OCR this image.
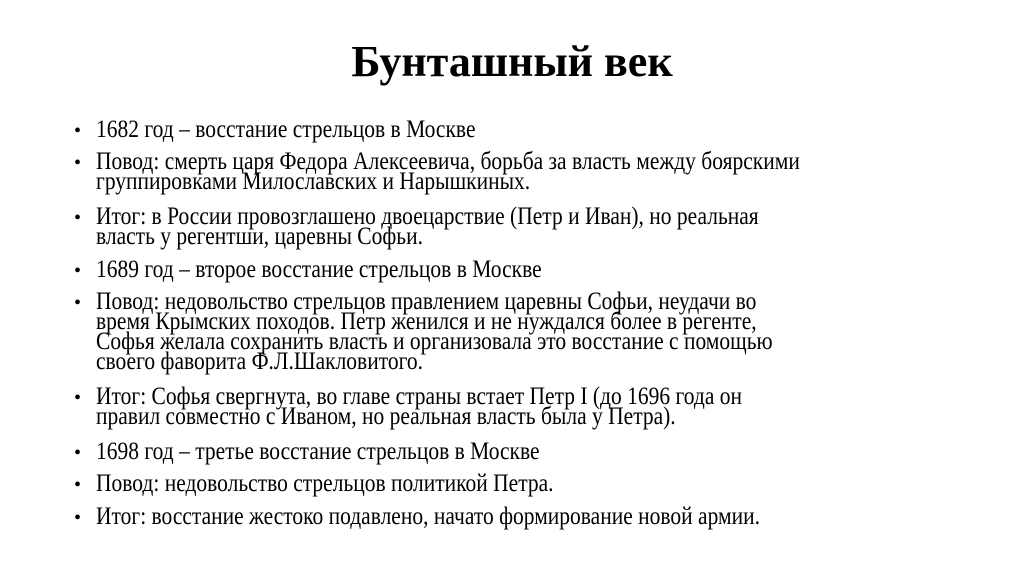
Бунташный век
• 1682 год – восстание стрельцов в Москве
• Повод: смерть царя Федора Алексеевича, борьба за власть между боярскими
группировками Милославских и Нарышкиных.
• Итог: в России провозглашено двоецарствие (Петр и Иван), но реальная
власть у регентши, царевны Софьи.
• 1689 год – второе восстание стрельцов в Москве
• Повод: недовольство стрельцов правлением царевны Софьи, неудачи во
время Крымских походов. Петр женился и не нуждался более в регенте,
Софья желала сохранить власть и организовала это восстание с помощью
своего фаворита Ф.Л.Шакловитого.
• Итог: Софья свергнута, во главе страны встает Петр I (до 1696 года он
правил совместно с Иваном, но реальная власть была у Петра).
• 1698 год – третье восстание стрельцов в Москве
• Повод: недовольство стрельцов политикой Петра.
• Итог: восстание жестоко подавлено, начато формирование новой армии.
